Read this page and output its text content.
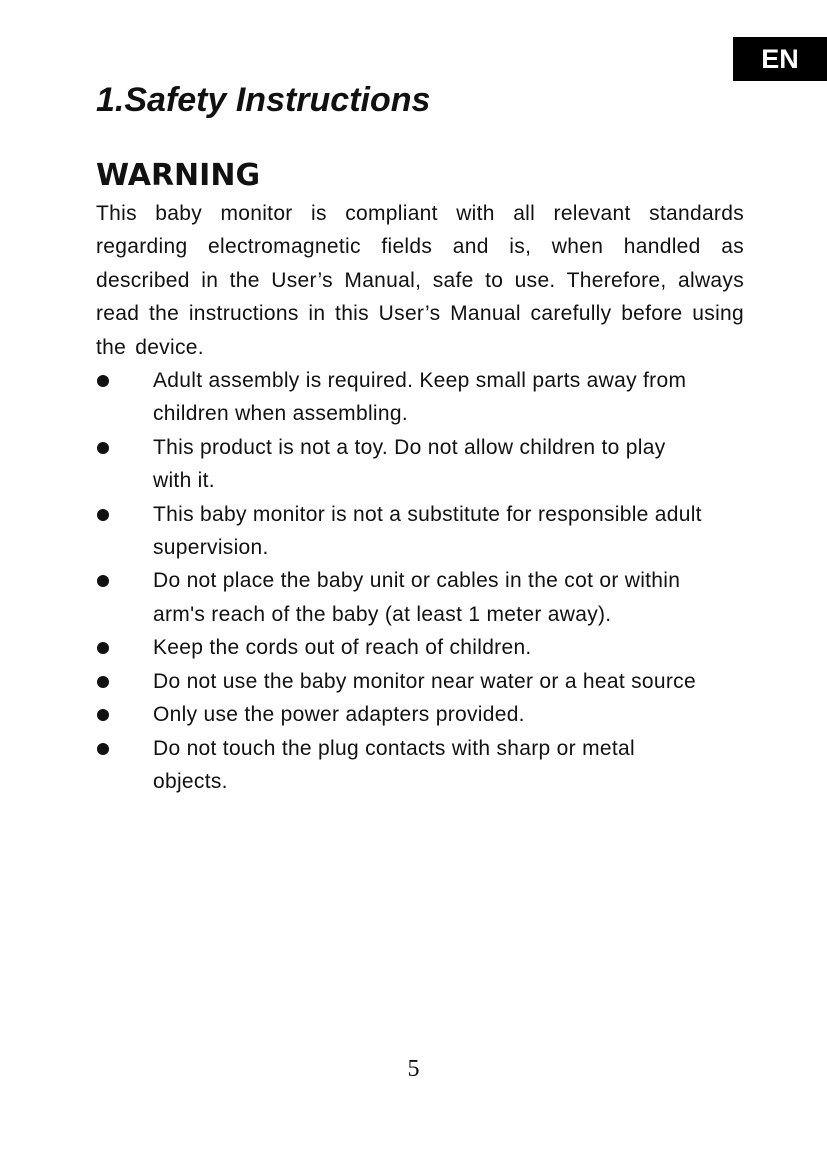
EN
1.Safety Instructions
WARNING

This baby monitor is compliant with all relevant standards regarding electromagnetic fields and is, when handled as described in the User’s Manual, safe to use. Therefore, always read the instructions in this User’s Manual carefully before using the device.

Adult assembly is required. Keep small parts away from children when assembling.
This product is not a toy. Do not allow children to play with it.
This baby monitor is not a substitute for responsible adult supervision.
Do not place the baby unit or cables in the cot or within arm's reach of the baby (at least 1 meter away).
Keep the cords out of reach of children.
Do not use the baby monitor near water or a heat source
Only use the power adapters provided.
Do not touch the plug contacts with sharp or metal objects.
5
